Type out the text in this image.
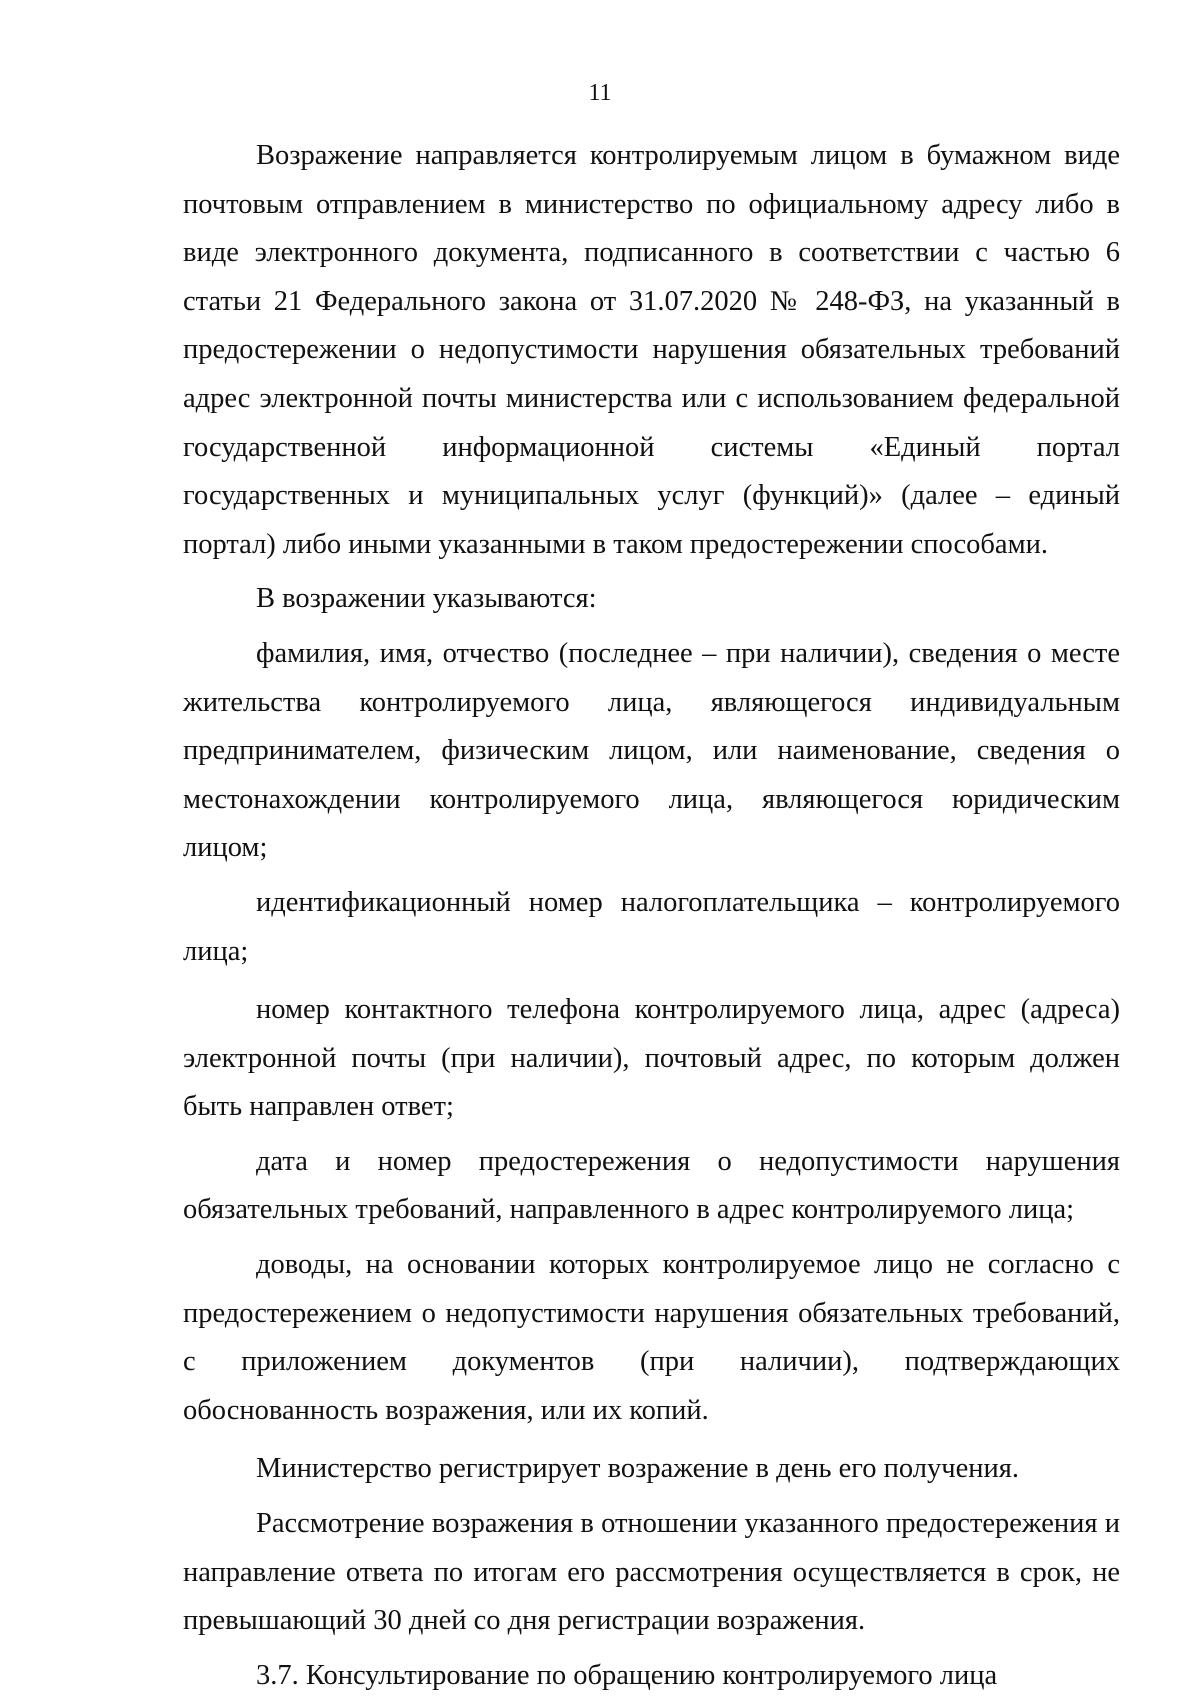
11

Возражение направляется контролируемым лицом в бумажном виде почтовым отправлением в министерство по официальному адресу либо в виде электронного документа, подписанного в соответствии с частью 6 статьи 21 Федерального закона от 31.07.2020 № 248-ФЗ, на указанный в предостережении о недопустимости нарушения обязательных требований адрес электронной почты министерства или с использованием федеральной государственной информационной системы «Единый портал государственных и муниципальных услуг (функций)» (далее – единый портал) либо иными указанными в таком предостережении способами.

В возражении указываются:

фамилия, имя, отчество (последнее – при наличии), сведения о месте жительства контролируемого лица, являющегося индивидуальным предпринимателем, физическим лицом, или наименование, сведения о местонахождении контролируемого лица, являющегося юридическим лицом;

идентификационный номер налогоплательщика – контролируемого лица;

номер контактного телефона контролируемого лица, адрес (адреса) электронной почты (при наличии), почтовый адрес, по которым должен быть направлен ответ;

дата и номер предостережения о недопустимости нарушения обязательных требований, направленного в адрес контролируемого лица;

доводы, на основании которых контролируемое лицо не согласно с предостережением о недопустимости нарушения обязательных требований, с приложением документов (при наличии), подтверждающих обоснованность возражения, или их копий.

Министерство регистрирует возражение в день его получения.

Рассмотрение возражения в отношении указанного предостережения и направление ответа по итогам его рассмотрения осуществляется в срок, не превышающий 30 дней со дня регистрации возражения.

3.7. Консультирование по обращению контролируемого лица
